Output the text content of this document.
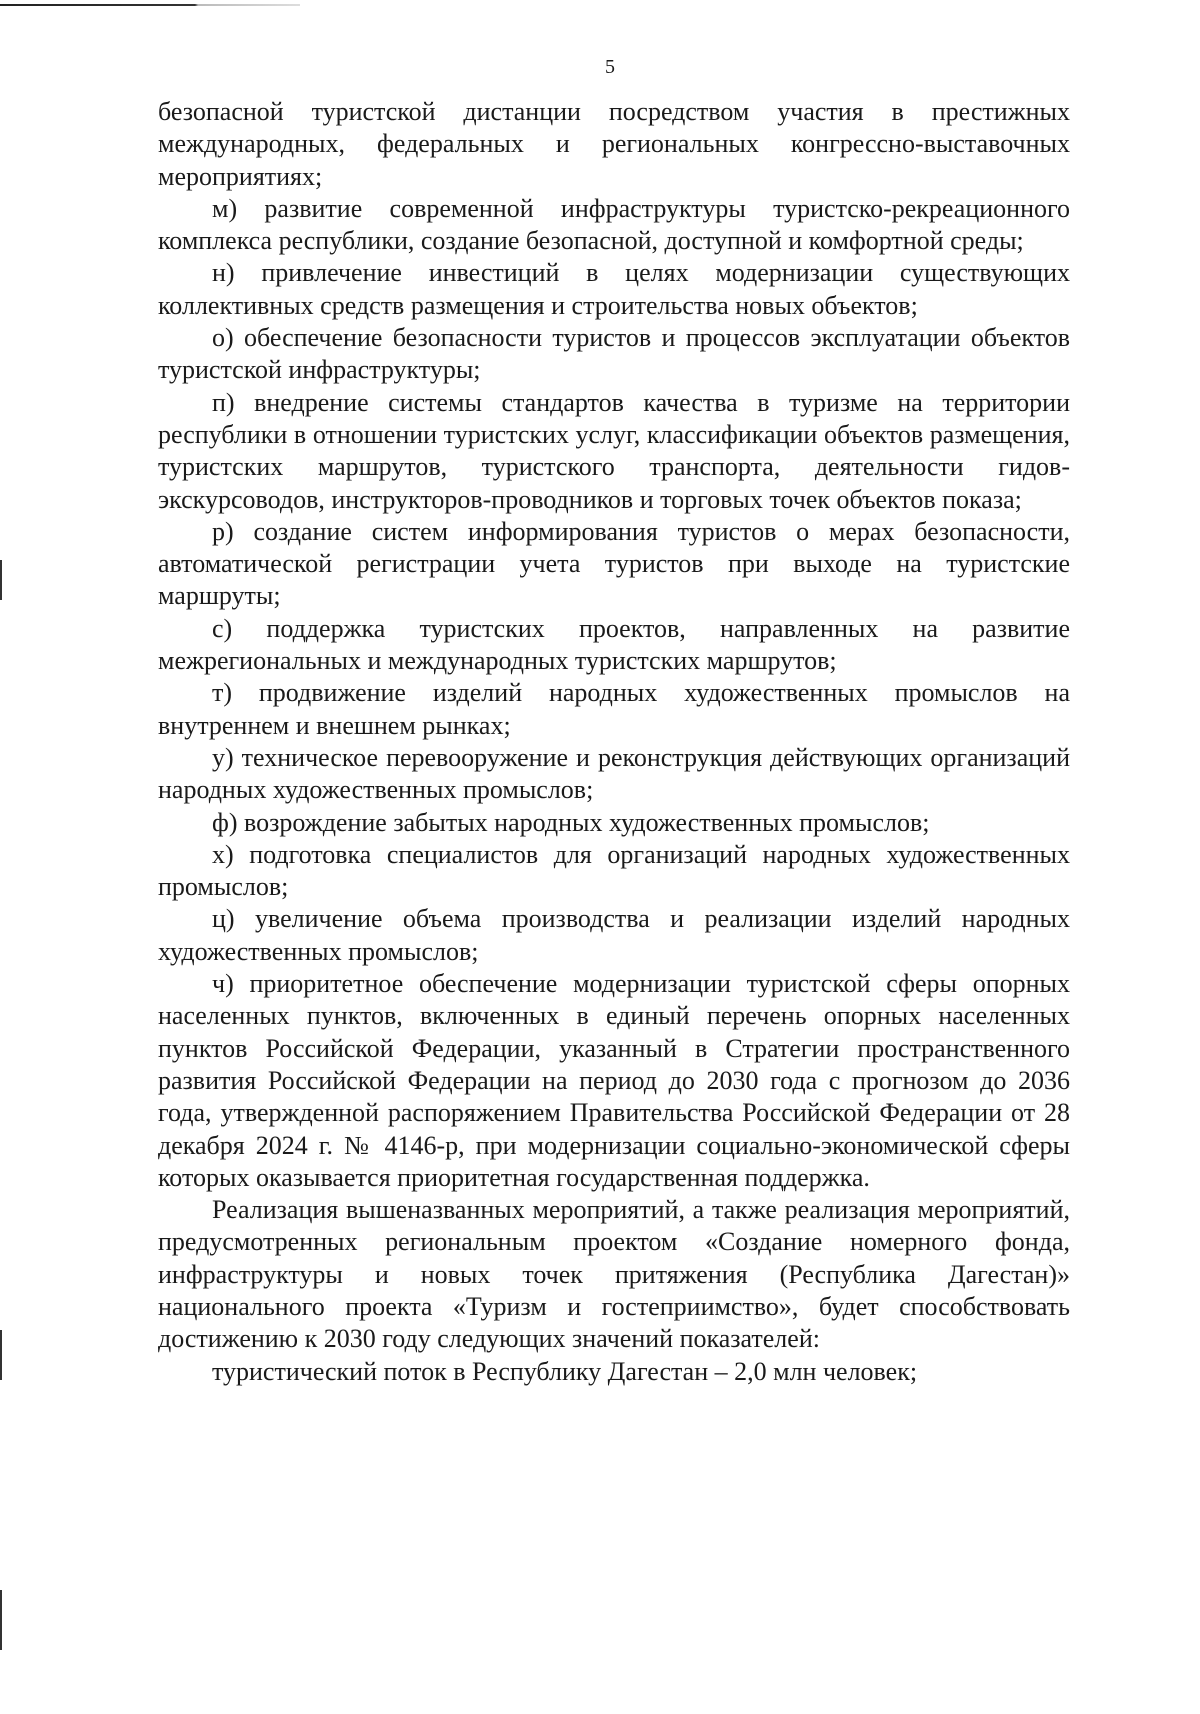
5

безопасной туристской дистанции посредством участия в престижных международных, федеральных и региональных конгрессно-выставочных мероприятиях;

м) развитие современной инфраструктуры туристско-рекреационного комплекса республики, создание безопасной, доступной и комфортной среды;

н) привлечение инвестиций в целях модернизации существующих коллективных средств размещения и строительства новых объектов;

о) обеспечение безопасности туристов и процессов эксплуатации объектов туристской инфраструктуры;

п) внедрение системы стандартов качества в туризме на территории республики в отношении туристских услуг, классификации объектов размещения, туристских маршрутов, туристского транспорта, деятельности гидов-экскурсоводов, инструкторов-проводников и торговых точек объектов показа;

р) создание систем информирования туристов о мерах безопасности, автоматической регистрации учета туристов при выходе на туристские маршруты;

с) поддержка туристских проектов, направленных на развитие межрегиональных и международных туристских маршрутов;

т) продвижение изделий народных художественных промыслов на внутреннем и внешнем рынках;

у) техническое перевооружение и реконструкция действующих организаций народных художественных промыслов;

ф) возрождение забытых народных художественных промыслов;

х) подготовка специалистов для организаций народных художественных промыслов;

ц) увеличение объема производства и реализации изделий народных художественных промыслов;

ч) приоритетное обеспечение модернизации туристской сферы опорных населенных пунктов, включенных в единый перечень опорных населенных пунктов Российской Федерации, указанный в Стратегии пространственного развития Российской Федерации на период до 2030 года с прогнозом до 2036 года, утвержденной распоряжением Правительства Российской Федерации от 28 декабря 2024 г. № 4146-р, при модернизации социально-экономической сферы которых оказывается приоритетная государственная поддержка.

Реализация вышеназванных мероприятий, а также реализация мероприятий, предусмотренных региональным проектом «Создание номерного фонда, инфраструктуры и новых точек притяжения (Республика Дагестан)» национального проекта «Туризм и гостеприимство», будет способствовать достижению к 2030 году следующих значений показателей:

туристический поток в Республику Дагестан – 2,0 млн человек;
